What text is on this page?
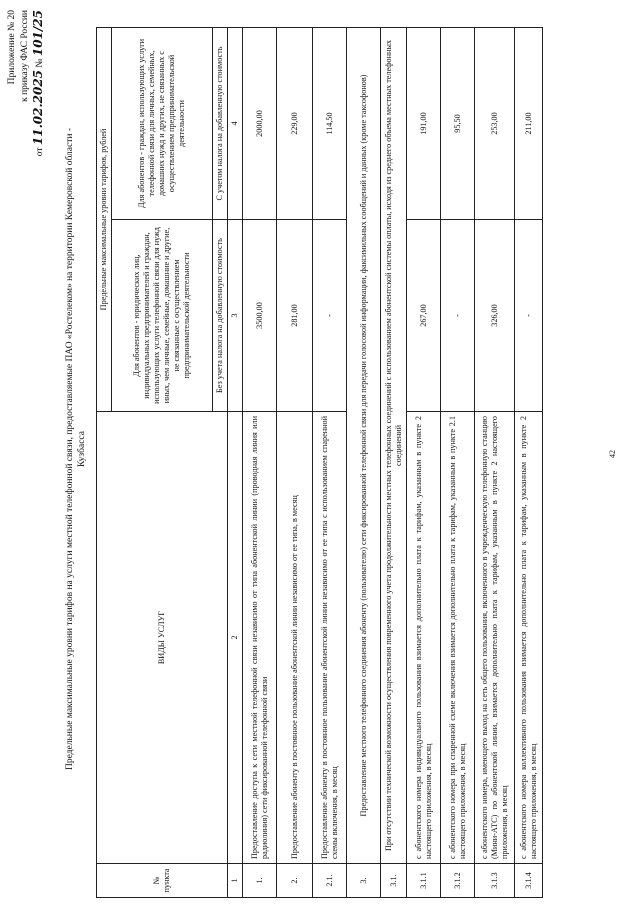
42
Приложение № 20 к приказу ФАС России
от 11.02.2025 № 101/25
Предельные максимальные уровни тарифов на услуги местной телефонной связи, предоставляемые ПАО «Ростелеком» на территории Кемеровской области - Кузбасса
№ пункта	ВИДЫ УСЛУГ	Предельные максимальные уровни тарифов, рублей	
		Для абонентов - юридических лиц, индивидуальных предпринимателей и граждан, использующих услуги телефонной связи для нужд иных, чем личные, семейные, домашние и другие, не связанные с осуществлением предпринимательской деятельности	Для абонентов - граждан, использующих услуги телефонной связи для личных, семейных, домашних нужд и других, не связанных с осуществлением предпринимательской деятельности
		Без учета налога на добавленную стоимость	С учетом налога на добавленную стоимость
1	2	3	4
1.	Предоставление доступа к сети местной телефонной связи независимо от типа абонентской линии (проводная линия или радиолиния) сети фиксированной телефонной связи	3500,00	2000,00
2.	Предоставление абоненту в постоянное пользование абонентской линии независимо от ее типа, в месяц	281,00	229,00
2.1.	Предоставление абоненту в постоянное пользование абонентской линии независимо от ее типа с использованием спаренной схемы включения, в месяц	-	114,50
3.	Предоставление местного телефонного соединения абоненту (пользователю) сети фиксированной телефонной связи для передачи голосовой информации, факсимильных сообщений и данных (кроме таксофонов)		
3.1.	При отсутствии технической возможности осуществления повременного учета продолжительности местных телефонных соединений с использованием абонентской системы оплаты, исходя из среднего объема местных телефонных соединений		
3.1.1	с абонентского номера индивидуального пользования взимается дополнительно плата к тарифам, указанным в пункте 2 настоящего приложения, в месяц	267,00	191,00
3.1.2	с абонентского номера при спаренной схеме включения взимается дополнительно плата к тарифам, указанным в пункте 2.1 настоящего приложения, в месяц	-	95,50
3.1.3	с абонентского номера, имеющего выход на сеть общего пользования, включенного в учрежденческую телефонную станцию (Мини-АТС) по абонентской линии, взимается дополнительно плата к тарифам, указанным в пункте 2 настоящего приложения, в месяц	326,00	253,00
3.1.4	с абонентского номера коллективного пользования взимается дополнительно плата к тарифам, указанным в пункте 2 настоящего приложения, в месяц	-	211,00
